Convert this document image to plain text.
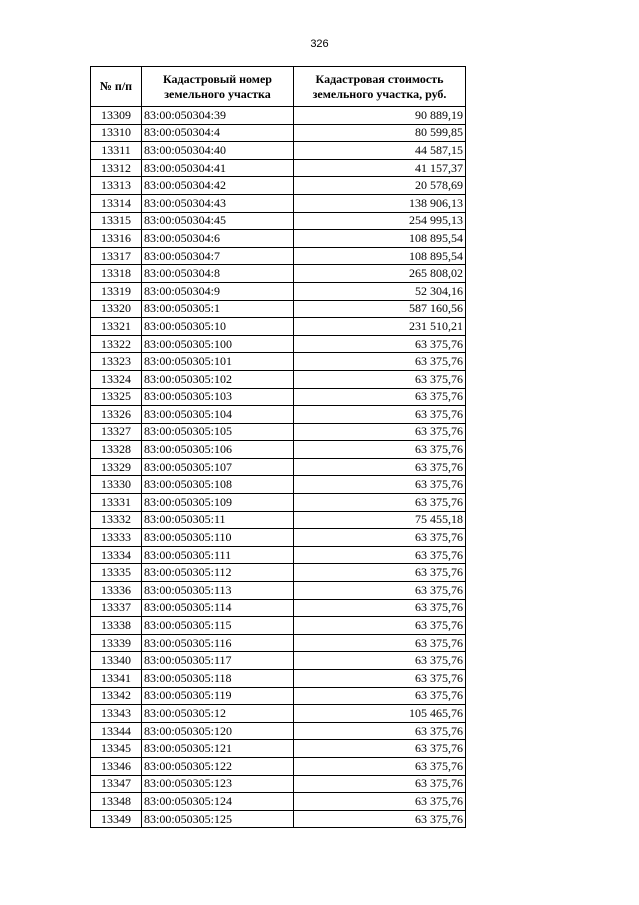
326
№ п/п	Кадастровый номер земельного участка	Кадастровая стоимость земельного участка, руб.
13309	83:00:050304:39	90 889,19
13310	83:00:050304:4	80 599,85
13311	83:00:050304:40	44 587,15
13312	83:00:050304:41	41 157,37
13313	83:00:050304:42	20 578,69
13314	83:00:050304:43	138 906,13
13315	83:00:050304:45	254 995,13
13316	83:00:050304:6	108 895,54
13317	83:00:050304:7	108 895,54
13318	83:00:050304:8	265 808,02
13319	83:00:050304:9	52 304,16
13320	83:00:050305:1	587 160,56
13321	83:00:050305:10	231 510,21
13322	83:00:050305:100	63 375,76
13323	83:00:050305:101	63 375,76
13324	83:00:050305:102	63 375,76
13325	83:00:050305:103	63 375,76
13326	83:00:050305:104	63 375,76
13327	83:00:050305:105	63 375,76
13328	83:00:050305:106	63 375,76
13329	83:00:050305:107	63 375,76
13330	83:00:050305:108	63 375,76
13331	83:00:050305:109	63 375,76
13332	83:00:050305:11	75 455,18
13333	83:00:050305:110	63 375,76
13334	83:00:050305:111	63 375,76
13335	83:00:050305:112	63 375,76
13336	83:00:050305:113	63 375,76
13337	83:00:050305:114	63 375,76
13338	83:00:050305:115	63 375,76
13339	83:00:050305:116	63 375,76
13340	83:00:050305:117	63 375,76
13341	83:00:050305:118	63 375,76
13342	83:00:050305:119	63 375,76
13343	83:00:050305:12	105 465,76
13344	83:00:050305:120	63 375,76
13345	83:00:050305:121	63 375,76
13346	83:00:050305:122	63 375,76
13347	83:00:050305:123	63 375,76
13348	83:00:050305:124	63 375,76
13349	83:00:050305:125	63 375,76
